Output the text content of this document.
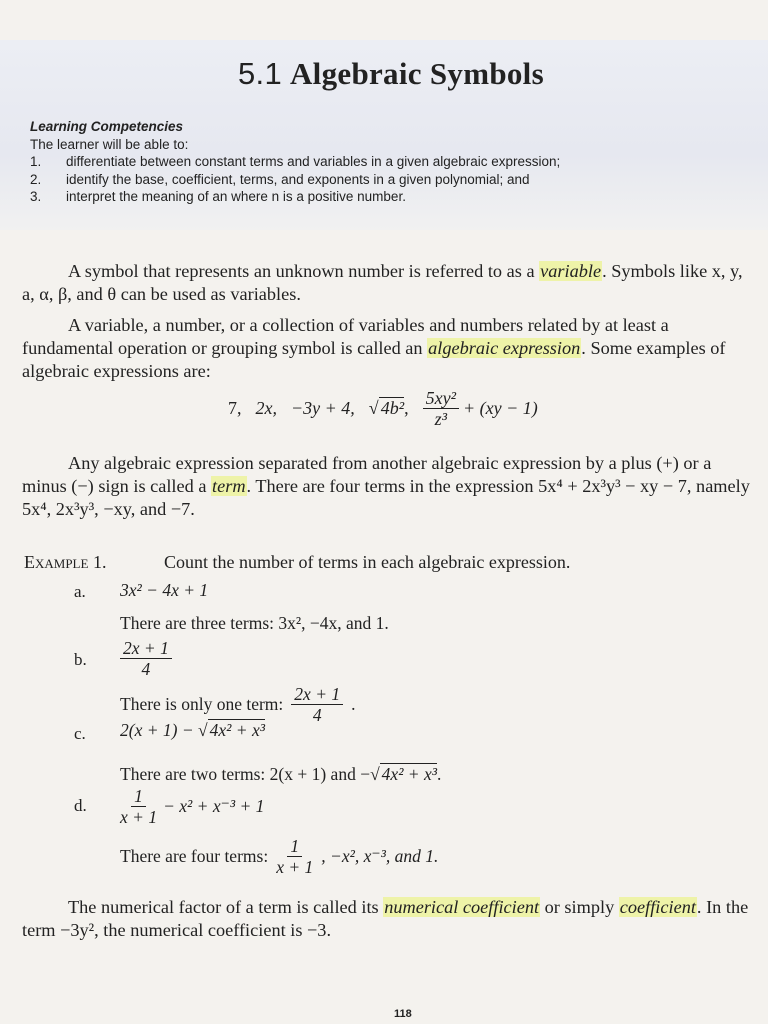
5.1 Algebraic Symbols
Learning Competencies
The learner will be able to:
1.	differentiate between constant terms and variables in a given algebraic expression;
2.	identify the base, coefficient, terms, and exponents in a given polynomial; and
3.	interpret the meaning of an where n is a positive number.
A symbol that represents an unknown number is referred to as a variable. Symbols like x, y, a, α, β, and θ can be used as variables.
A variable, a number, or a collection of variables and numbers related by at least a fundamental operation or grouping symbol is called an algebraic expression. Some examples of algebraic expressions are:
7, 2x, −3y + 4, √ 4b², $\frac{\text{5xy²}}{\text{z³}} + (xy - 1)$
Any algebraic expression separated from another algebraic expression by a plus (+) or a minus (−) sign is called a term. There are four terms in the expression 5x⁴ + 2x³y³ − xy − 7, namely 5x⁴, 2x³y³, −xy, and −7.
Example 1.	Count the number of terms in each algebraic expression.
a. 3x² − 4x + 1
There are three terms: 3x², −4x, and 1.
b. $\frac{2x + 1}{4}$
There is only one term: $\frac{2x + 1}{4}$ .
c. 2(x + 1) − √ 4x² + x³
There are two terms: 2(x + 1) and −√ 4x² + x³.
d. $\frac{1}{x + 1} - x^2 + x^{-3} + 1$
There are four terms: $\frac{1}{x + 1}$ , −x², x⁻³, and 1.
The numerical factor of a term is called its numerical coefficient or simply coefficient. In the term −3y², the numerical coefficient is −3.
118
